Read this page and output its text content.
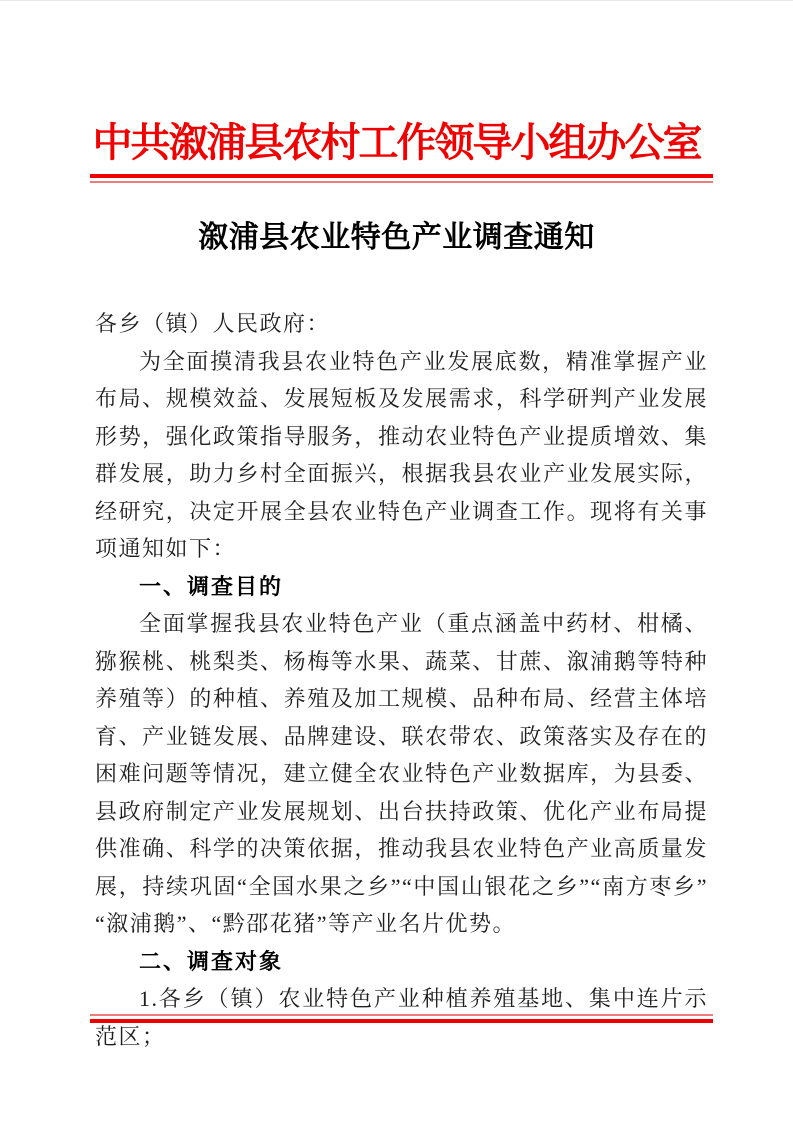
中共溆浦县农村工作领导小组办公室
溆浦县农业特色产业调查通知
各乡（镇）人民政府：
为全面摸清我县农业特色产业发展底数，精准掌握产业布局、规模效益、发展短板及发展需求，科学研判产业发展形势，强化政策指导服务，推动农业特色产业提质增效、集群发展，助力乡村全面振兴，根据我县农业产业发展实际，经研究，决定开展全县农业特色产业调查工作。现将有关事项通知如下：
一、调查目的
全面掌握我县农业特色产业（重点涵盖中药材、柑橘、猕猴桃、桃梨类、杨梅等水果、蔬菜、甘蔗、溆浦鹅等特种养殖等）的种植、养殖及加工规模、品种布局、经营主体培育、产业链发展、品牌建设、联农带农、政策落实及存在的困难问题等情况，建立健全农业特色产业数据库，为县委、县政府制定产业发展规划、出台扶持政策、优化产业布局提供准确、科学的决策依据，推动我县农业特色产业高质量发展，持续巩固“全国水果之乡”“中国山银花之乡”“南方枣乡”“溆浦鹅”、“黔邵花猪”等产业名片优势。
二、调查对象
1.各乡（镇）农业特色产业种植养殖基地、集中连片示范区；
